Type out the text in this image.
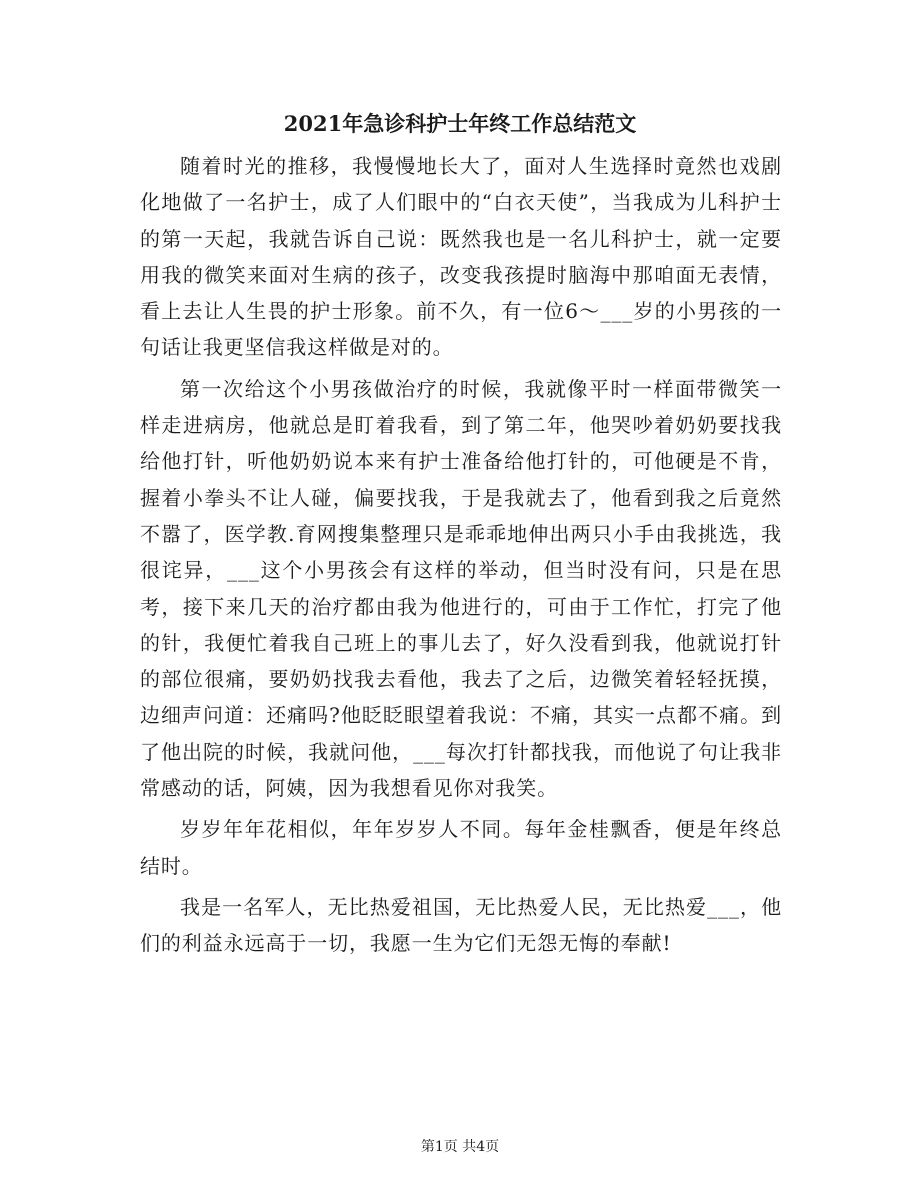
2021年急诊科护士年终工作总结范文

随着时光的推移，我慢慢地长大了，面对人生选择时竟然也戏剧化地做了一名护士，成了人们眼中的“白衣天使”，当我成为儿科护士的第一天起，我就告诉自己说：既然我也是一名儿科护士，就一定要用我的微笑来面对生病的孩子，改变我孩提时脑海中那咱面无表情，看上去让人生畏的护士形象。前不久，有一位6～___岁的小男孩的一句话让我更坚信我这样做是对的。

第一次给这个小男孩做治疗的时候，我就像平时一样面带微笑一样走进病房，他就总是盯着我看，到了第二年，他哭吵着奶奶要找我给他打针，听他奶奶说本来有护士准备给他打针的，可他硬是不肯，握着小拳头不让人碰，偏要找我，于是我就去了，他看到我之后竟然不嚣了，医学教.育网搜集整理只是乖乖地伸出两只小手由我挑选，我很诧异，___这个小男孩会有这样的举动，但当时没有问，只是在思考，接下来几天的治疗都由我为他进行的，可由于工作忙，打完了他的针，我便忙着我自己班上的事儿去了，好久没看到我，他就说打针的部位很痛，要奶奶找我去看他，我去了之后，边微笑着轻轻抚摸，边细声问道：还痛吗?他眨眨眼望着我说：不痛，其实一点都不痛。到了他出院的时候，我就问他，___每次打针都找我，而他说了句让我非常感动的话，阿姨，因为我想看见你对我笑。

岁岁年年花相似，年年岁岁人不同。每年金桂飘香，便是年终总结时。

我是一名军人，无比热爱祖国，无比热爱人民，无比热爱___，他们的利益永远高于一切，我愿一生为它们无怨无悔的奉献!

第1页 共4页
